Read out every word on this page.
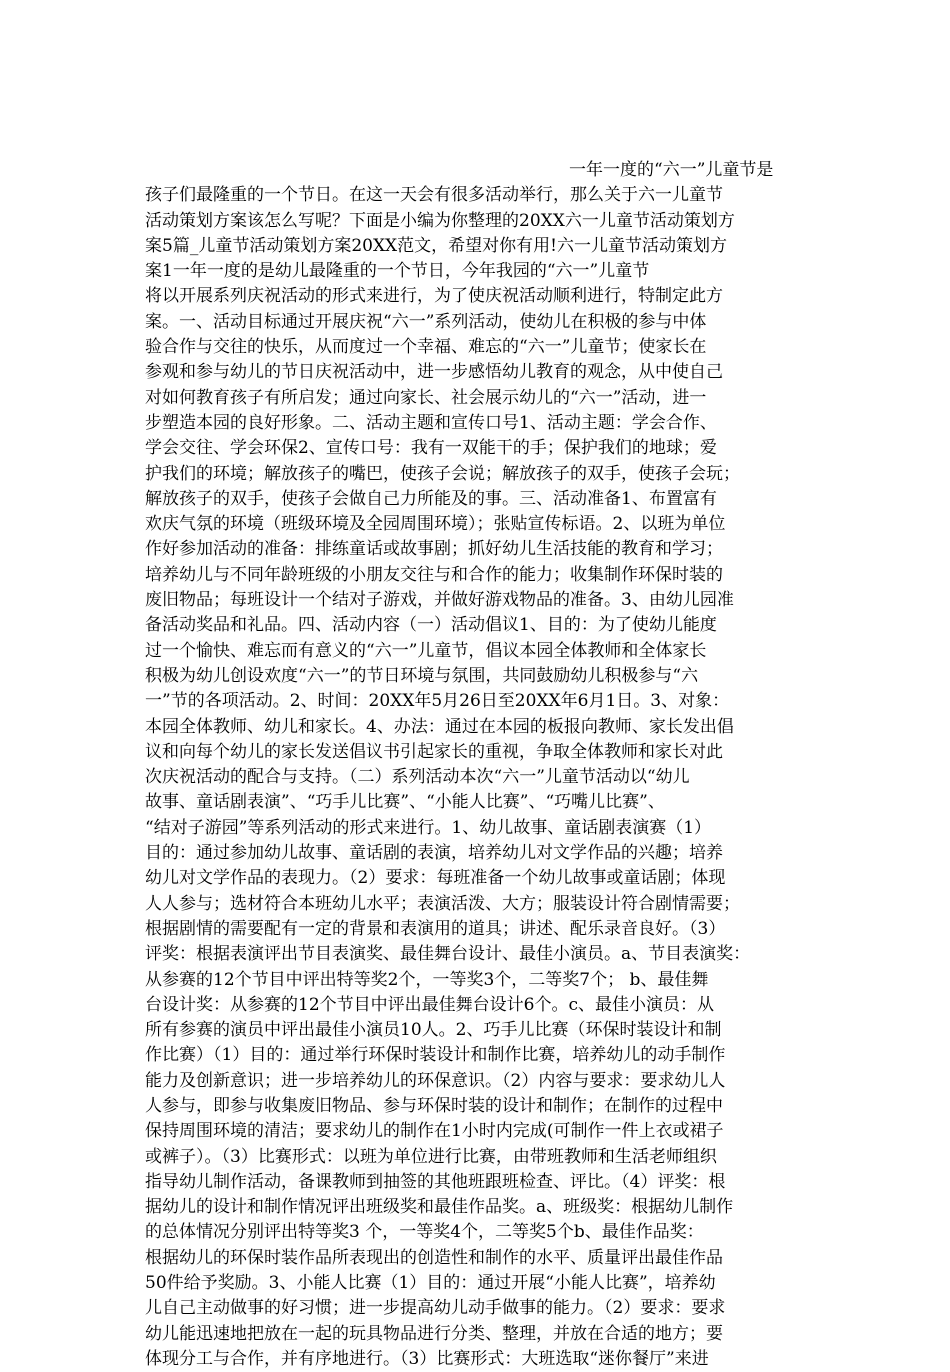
一年一度的“六一”儿童节是
孩子们最隆重的一个节日。在这一天会有很多活动举行，那么关于六一儿童节
活动策划方案该怎么写呢？下面是小编为你整理的20XX六一儿童节活动策划方
案5篇_儿童节活动策划方案20XX范文，希望对你有用!六一儿童节活动策划方
案1一年一度的是幼儿最隆重的一个节日，今年我园的“六一”儿童节
将以开展系列庆祝活动的形式来进行，为了使庆祝活动顺利进行，特制定此方
案。一、活动目标通过开展庆祝“六一”系列活动，使幼儿在积极的参与中体
验合作与交往的快乐，从而度过一个幸福、难忘的“六一”儿童节；使家长在
参观和参与幼儿的节日庆祝活动中，进一步感悟幼儿教育的观念，从中使自己
对如何教育孩子有所启发；通过向家长、社会展示幼儿的“六一”活动，进一
步塑造本园的良好形象。二、活动主题和宣传口号1、活动主题：学会合作、
学会交往、学会环保2、宣传口号：我有一双能干的手；保护我们的地球；爱
护我们的环境；解放孩子的嘴巴，使孩子会说；解放孩子的双手，使孩子会玩；
解放孩子的双手，使孩子会做自己力所能及的事。三、活动准备1、布置富有
欢庆气氛的环境（班级环境及全园周围环境）；张贴宣传标语。2、以班为单位
作好参加活动的准备：排练童话或故事剧；抓好幼儿生活技能的教育和学习；
培养幼儿与不同年龄班级的小朋友交往与和合作的能力；收集制作环保时装的
废旧物品；每班设计一个结对子游戏，并做好游戏物品的准备。3、由幼儿园准
备活动奖品和礼品。四、活动内容（一）活动倡议1、目的：为了使幼儿能度
过一个愉快、难忘而有意义的“六一”儿童节，倡议本园全体教师和全体家长
积极为幼儿创设欢度“六一”的节日环境与氛围，共同鼓励幼儿积极参与“六
一”节的各项活动。2、时间：20XX年5月26日至20XX年6月1日。3、对象：
本园全体教师、幼儿和家长。4、办法：通过在本园的板报向教师、家长发出倡
议和向每个幼儿的家长发送倡议书引起家长的重视，争取全体教师和家长对此
次庆祝活动的配合与支持。（二）系列活动本次“六一”儿童节活动以“幼儿
故事、童话剧表演”、“巧手儿比赛”、“小能人比赛”、“巧嘴儿比赛”、
“结对子游园”等系列活动的形式来进行。1、幼儿故事、童话剧表演赛（1）
目的：通过参加幼儿故事、童话剧的表演，培养幼儿对文学作品的兴趣；培养
幼儿对文学作品的表现力。（2）要求：每班准备一个幼儿故事或童话剧；体现
人人参与；选材符合本班幼儿水平；表演活泼、大方；服装设计符合剧情需要；
根据剧情的需要配有一定的背景和表演用的道具；讲述、配乐录音良好。（3）
评奖：根据表演评出节目表演奖、最佳舞台设计、最佳小演员。a、节目表演奖：
从参赛的12个节目中评出特等奖2个，一等奖3个，二等奖7个； b、最佳舞
台设计奖：从参赛的12个节目中评出最佳舞台设计6个。c、最佳小演员：从
所有参赛的演员中评出最佳小演员10人。2、巧手儿比赛（环保时装设计和制
作比赛）（1）目的：通过举行环保时装设计和制作比赛，培养幼儿的动手制作
能力及创新意识；进一步培养幼儿的环保意识。（2）内容与要求：要求幼儿人
人参与，即参与收集废旧物品、参与环保时装的设计和制作；在制作的过程中
保持周围环境的清洁；要求幼儿的制作在1小时内完成(可制作一件上衣或裙子
或裤子）。（3）比赛形式：以班为单位进行比赛，由带班教师和生活老师组织
指导幼儿制作活动，备课教师到抽签的其他班跟班检查、评比。（4）评奖：根
据幼儿的设计和制作情况评出班级奖和最佳作品奖。a、班级奖：根据幼儿制作
的总体情况分别评出特等奖3 个，一等奖4个，二等奖5个b、最佳作品奖：
根据幼儿的环保时装作品所表现出的创造性和制作的水平、质量评出最佳作品
50件给予奖励。3、小能人比赛（1）目的：通过开展“小能人比赛”，培养幼
儿自己主动做事的好习惯；进一步提高幼儿动手做事的能力。（2）要求：要求
幼儿能迅速地把放在一起的玩具物品进行分类、整理，并放在合适的地方；要
体现分工与合作，并有序地进行。（3）比赛形式：大班选取“迷你餐厅”来进
